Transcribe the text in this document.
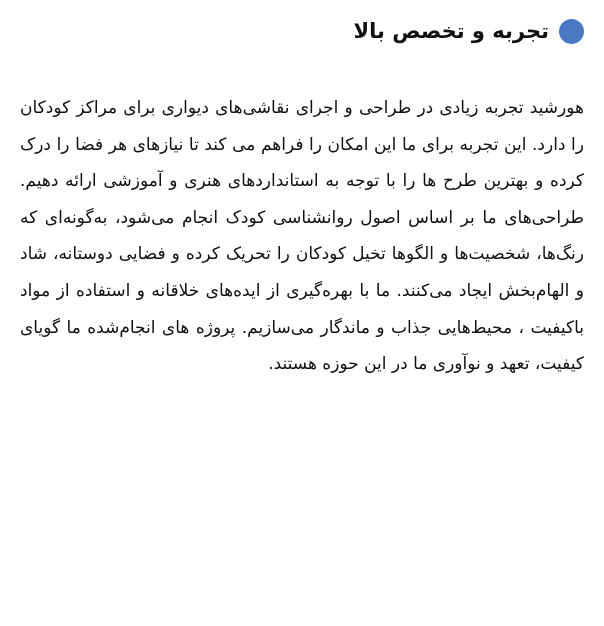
تجربه و تخصص بالا

هورشید تجربه زیادی در طراحی و اجرای نقاشی‌های دیواری برای مراکز کودکان را دارد. این تجربه برای ما این امکان را فراهم می کند تا نیازهای هر فضا را درک کرده و بهترین طرح ها را با توجه به استانداردهای هنری و آموزشی ارائه دهیم. طراحی‌های ما بر اساس اصول روانشناسی کودک انجام می‌شود، به‌گونه‌ای که رنگ‌ها، شخصیت‌ها و الگوها تخیل کودکان را تحریک کرده و فضایی دوستانه، شاد و الهام‌بخش ایجاد می‌کنند. ما با بهره‌گیری از ایده‌های خلاقانه و استفاده از مواد باکیفیت ، محیط‌هایی جذاب و ماندگار می‌سازیم. پروژه های انجام‌شده ما گویای کیفیت، تعهد و نوآوری ما در این حوزه هستند.
